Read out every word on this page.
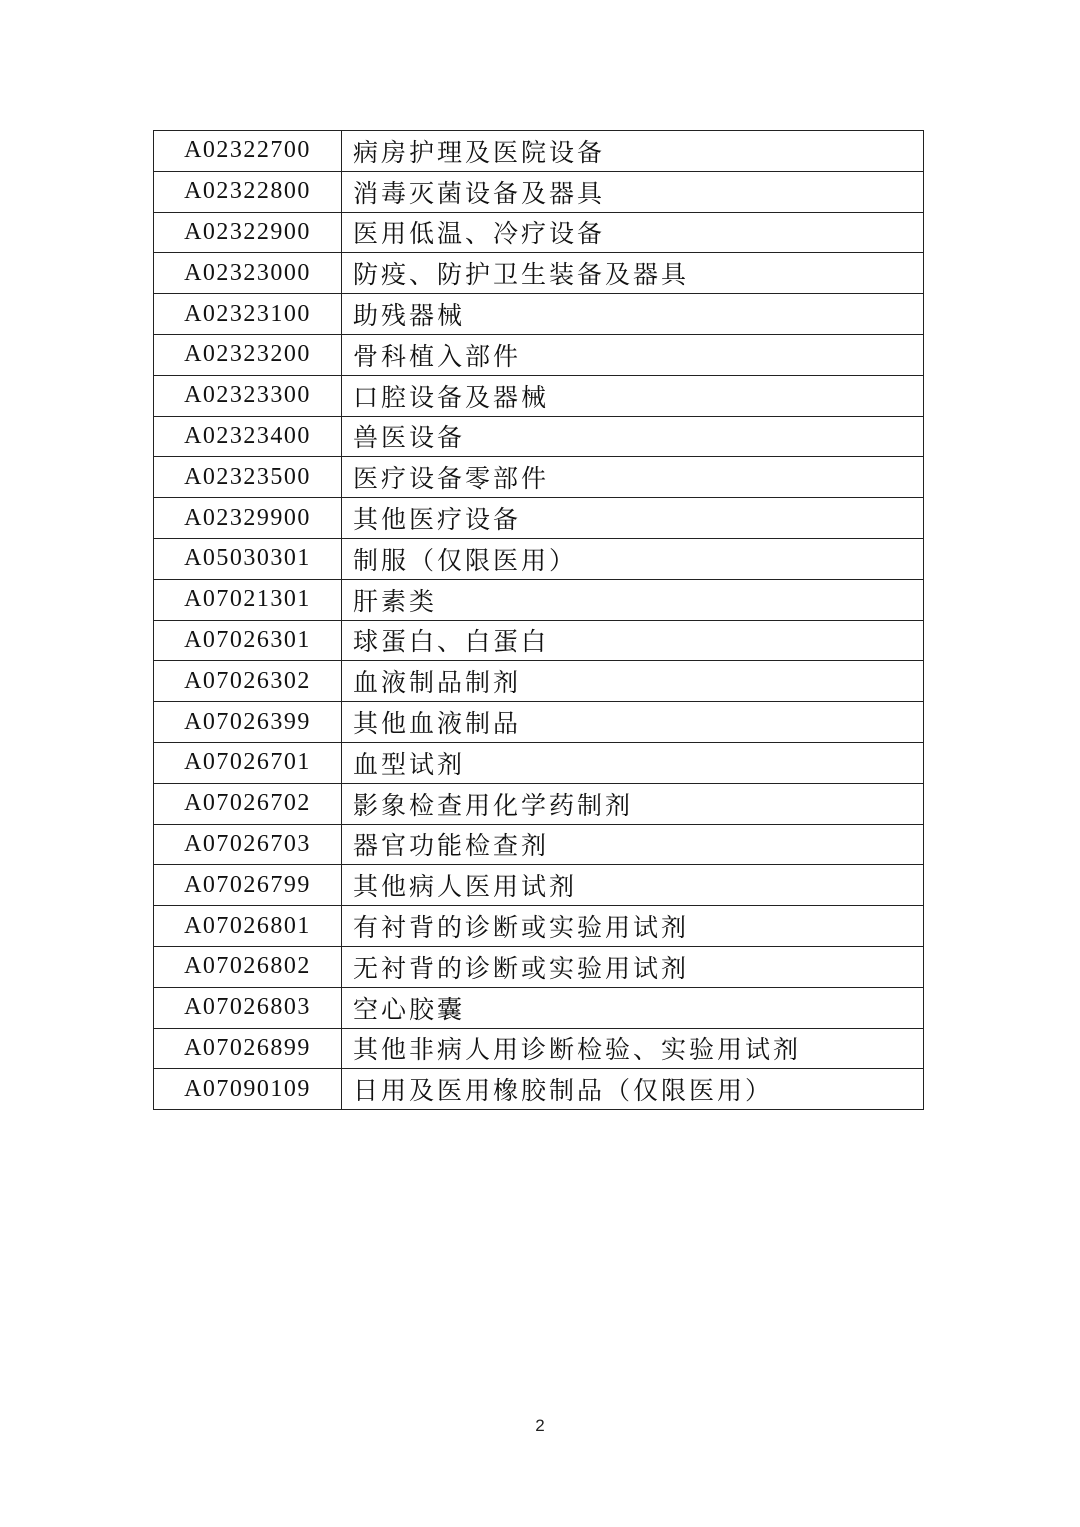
A02322700	病房护理及医院设备
A02322800	消毒灭菌设备及器具
A02322900	医用低温、冷疗设备
A02323000	防疫、防护卫生装备及器具
A02323100	助残器械
A02323200	骨科植入部件
A02323300	口腔设备及器械
A02323400	兽医设备
A02323500	医疗设备零部件
A02329900	其他医疗设备
A05030301	制服（仅限医用）
A07021301	肝素类
A07026301	球蛋白、白蛋白
A07026302	血液制品制剂
A07026399	其他血液制品
A07026701	血型试剂
A07026702	影象检查用化学药制剂
A07026703	器官功能检查剂
A07026799	其他病人医用试剂
A07026801	有衬背的诊断或实验用试剂
A07026802	无衬背的诊断或实验用试剂
A07026803	空心胶囊
A07026899	其他非病人用诊断检验、实验用试剂
A07090109	日用及医用橡胶制品（仅限医用）
2
